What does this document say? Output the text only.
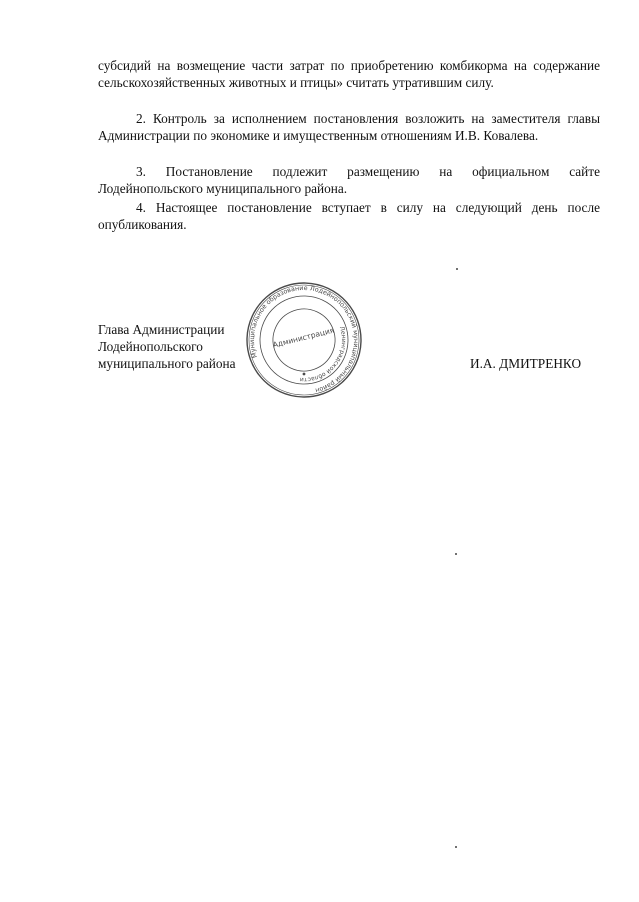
субсидий на возмещение части затрат по приобретению комбикорма на содержание сельскохозяйственных животных и птицы» считать утратившим силу.

2. Контроль за исполнением постановления возложить на заместителя главы Администрации по экономике и имущественным отношениям И.В. Ковалева.

3. Постановление подлежит размещению на официальном сайте Лодейнопольского муниципального района.

4. Настоящее постановление вступает в силу на следующий день после опубликования.

Глава Администрации
Лодейнопольского
муниципального района	И.А. ДМИТРЕНКО
Муниципальное образование Лодейнопольский муниципальный район
Ленинградской области
Администрация
